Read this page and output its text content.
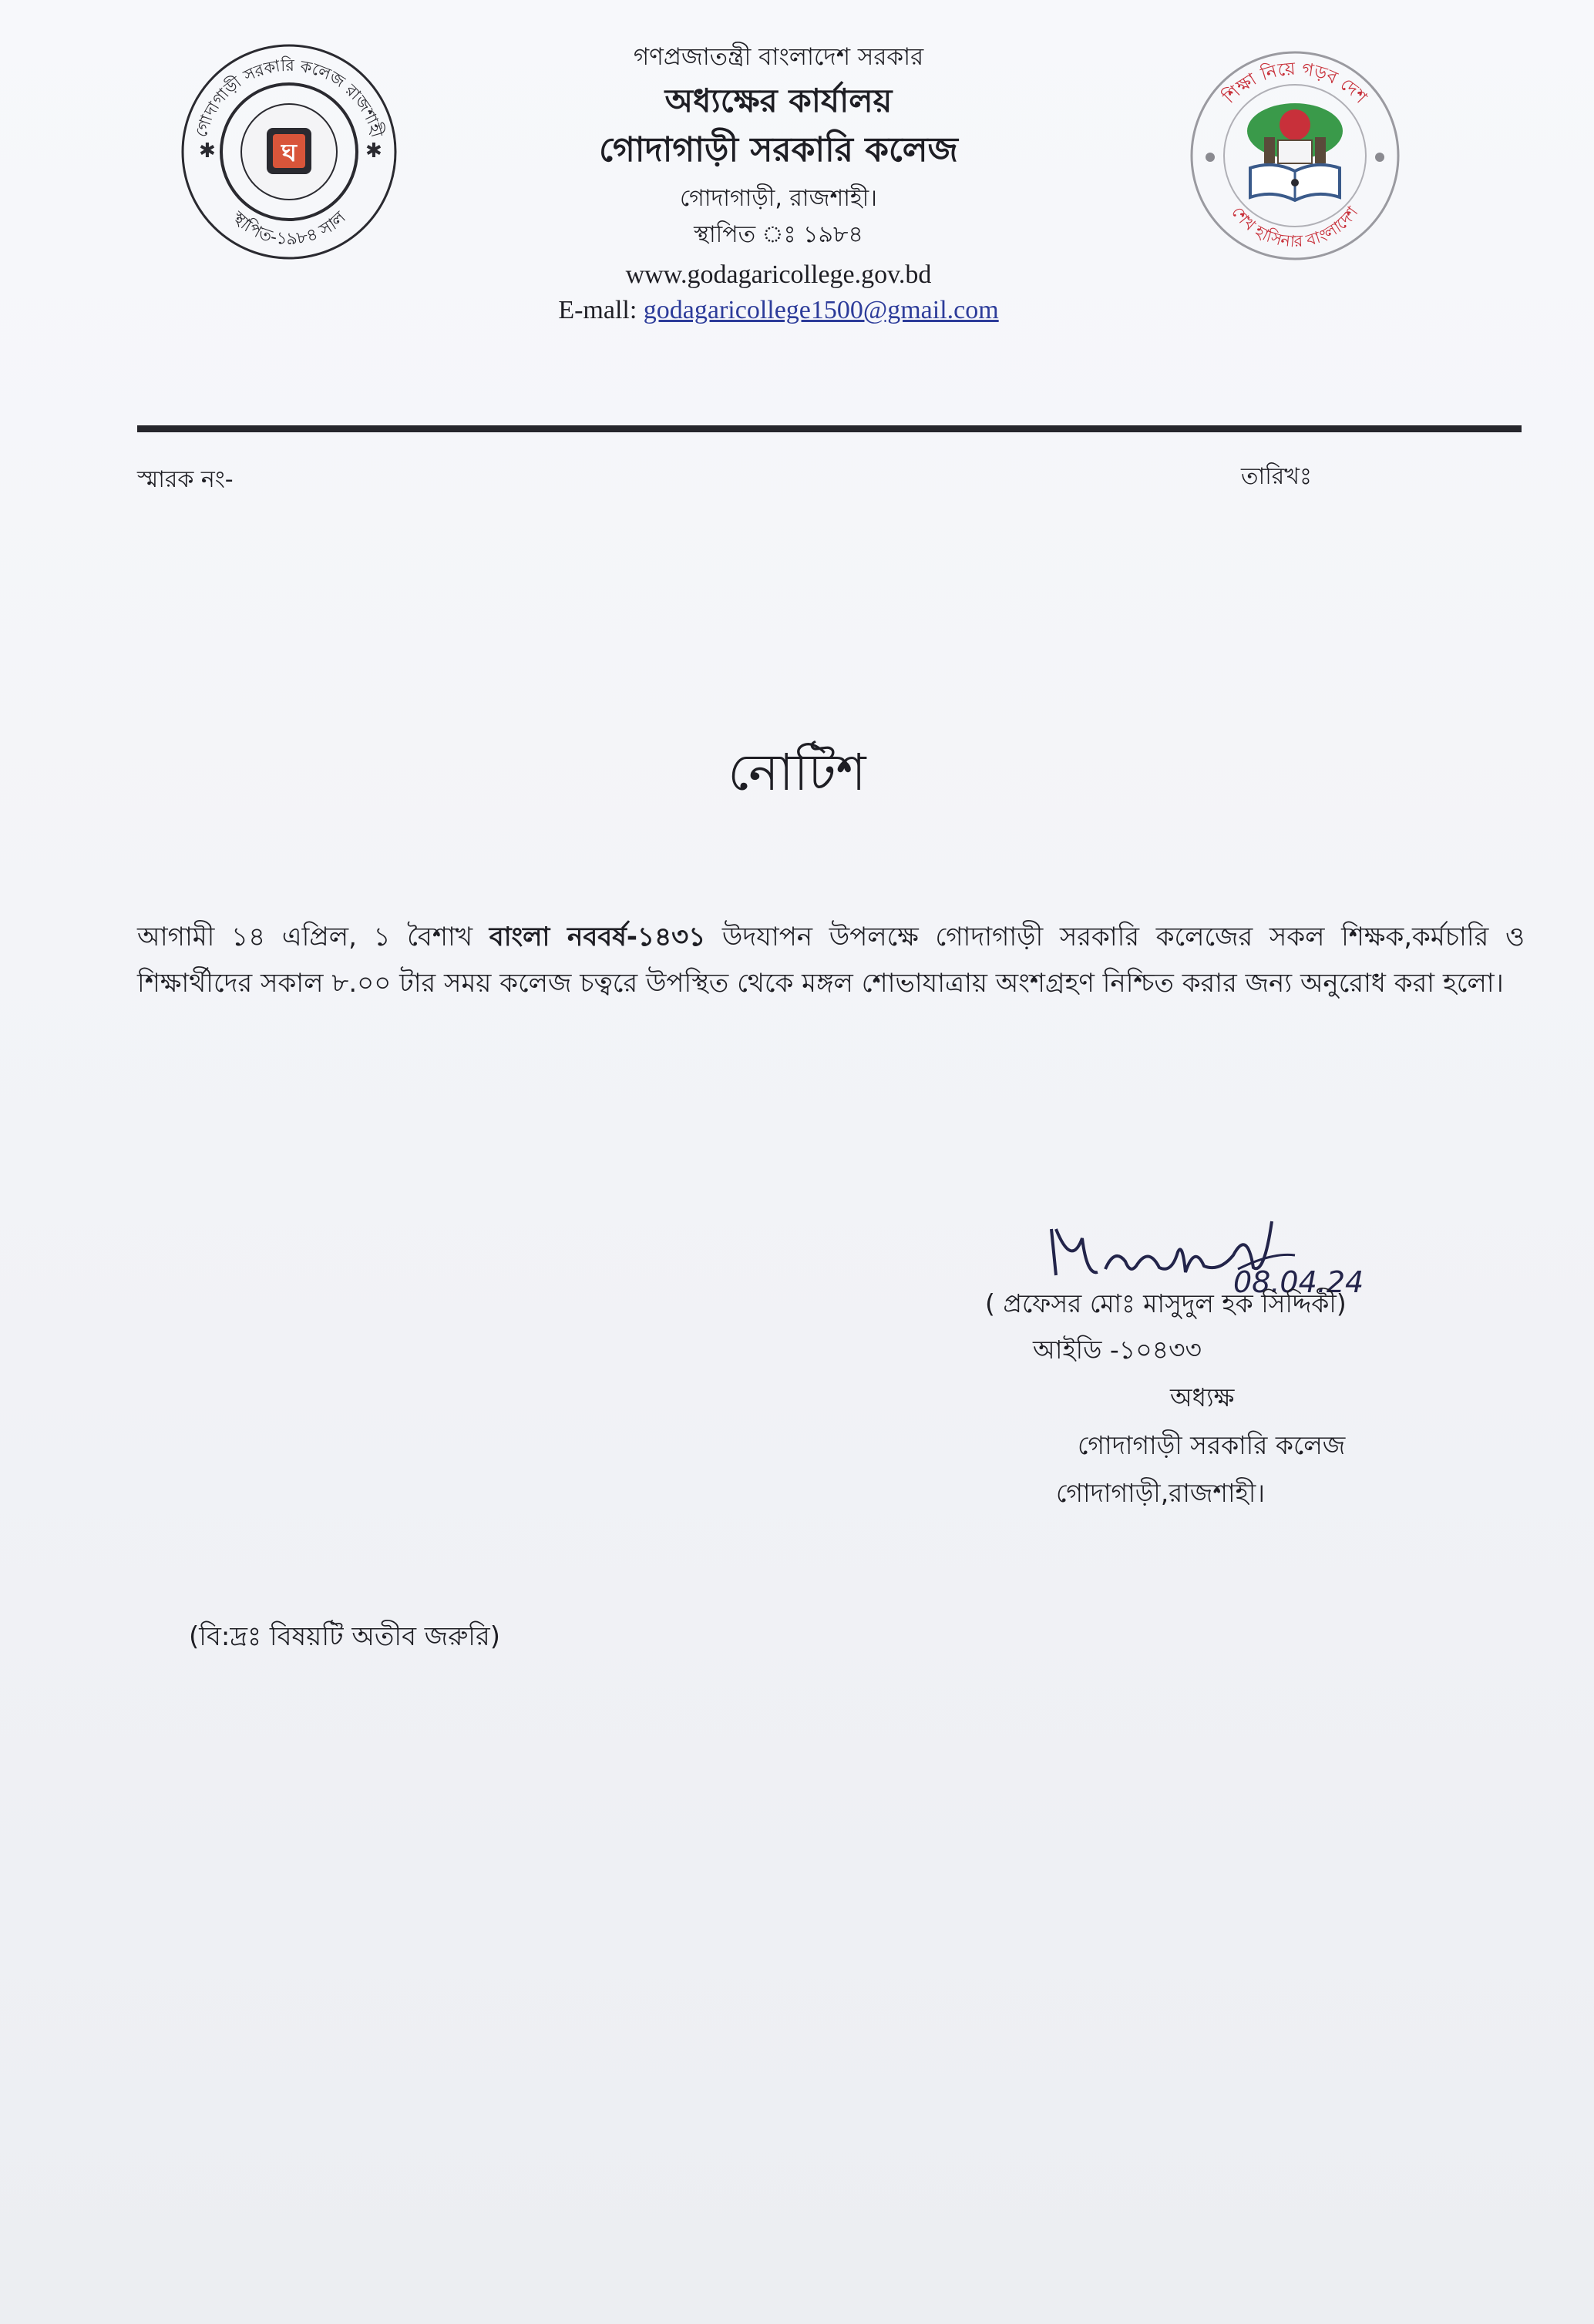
গোদাগাড়ী সরকারি কলেজ রাজশাহী
স্থাপিত-১৯৮৪ সাল
✱	✱
ঘ
গণপ্রজাতন্ত্রী বাংলাদেশ সরকার
অধ্যক্ষের কার্যালয়
গোদাগাড়ী সরকারি কলেজ
গোদাগাড়ী, রাজশাহী।
স্থাপিত ঃ ১৯৮৪
www.godagaricollege.gov.bd
E-mall: godagaricollege1500@gmail.com
শিক্ষা নিয়ে গড়ব দেশ
শেখ হাসিনার বাংলাদেশ
স্মারক নং-	তারিখঃ
নোটিশ
আগামী ১৪ এপ্রিল, ১ বৈশাখ বাংলা নববর্ষ-১৪৩১ উদযাপন উপলক্ষে গোদাগাড়ী সরকারি কলেজের সকল শিক্ষক,কর্মচারি ও শিক্ষার্থীদের সকাল ৮.০০ টার সময় কলেজ চত্বরে উপস্থিত থেকে মঙ্গল শোভাযাত্রায় অংশগ্রহণ নিশ্চিত করার জন্য অনুরোধ করা হলো।
08.04.24
( প্রফেসর মোঃ মাসুদুল হক সিদ্দিকী)
আইডি -১০৪৩৩
অধ্যক্ষ
গোদাগাড়ী সরকারি কলেজ
গোদাগাড়ী,রাজশাহী।
(বি:দ্রঃ বিষয়টি অতীব জরুরি)
